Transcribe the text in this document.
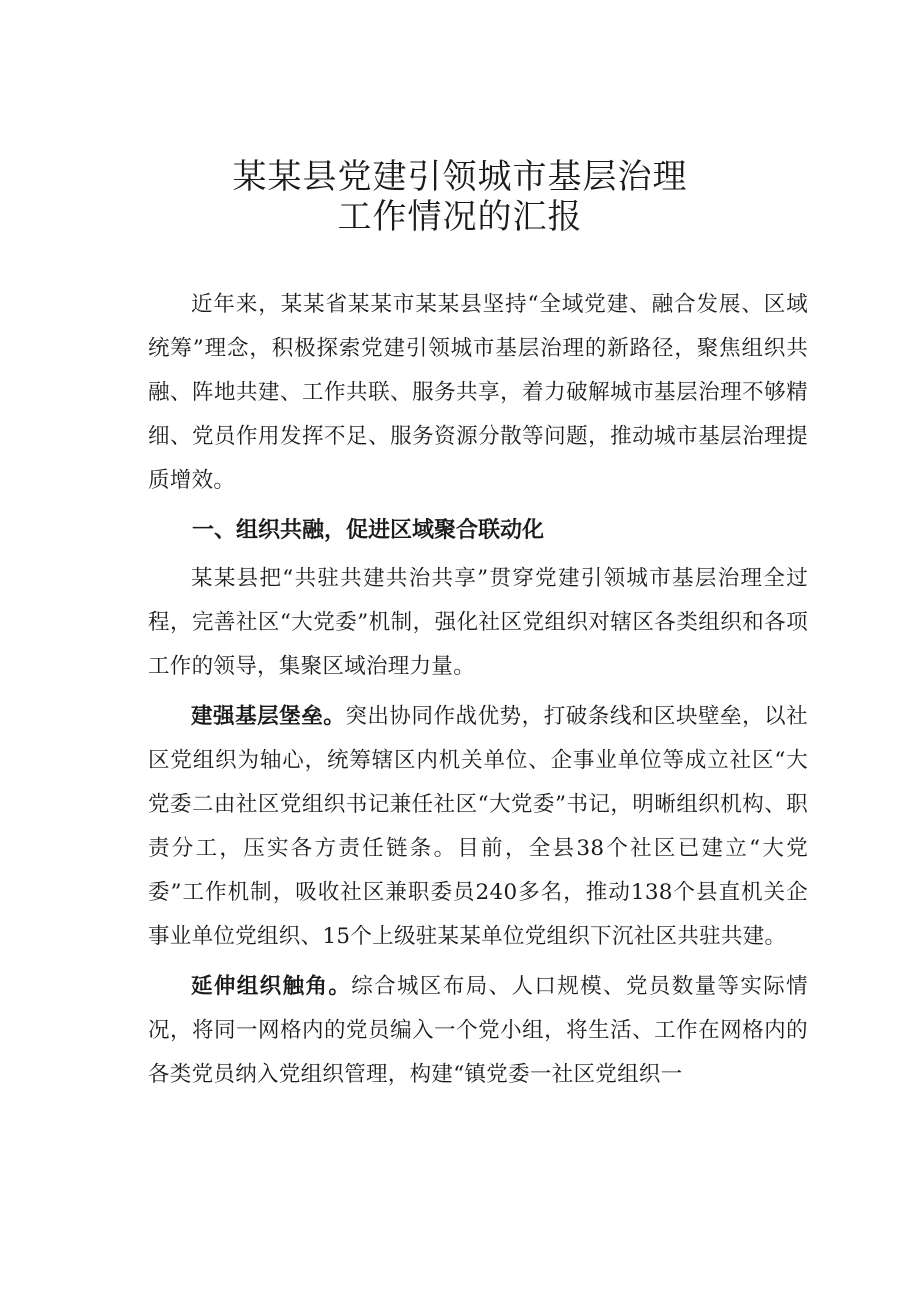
某某县党建引领城市基层治理
工作情况的汇报

近年来，某某省某某市某某县坚持“全域党建、融合发展、区域统筹”理念，积极探索党建引领城市基层治理的新路径，聚焦组织共融、阵地共建、工作共联、服务共享，着力破解城市基层治理不够精细、党员作用发挥不足、服务资源分散等问题，推动城市基层治理提质增效。

一、组织共融，促进区域聚合联动化

某某县把“共驻共建共治共享”贯穿党建引领城市基层治理全过程，完善社区“大党委”机制，强化社区党组织对辖区各类组织和各项工作的领导，集聚区域治理力量。

建强基层堡垒。突出协同作战优势，打破条线和区块壁垒，以社区党组织为轴心，统筹辖区内机关单位、企事业单位等成立社区“大党委二由社区党组织书记兼任社区“大党委”书记，明晰组织机构、职责分工，压实各方责任链条。目前，全县38个社区已建立“大党委”工作机制，吸收社区兼职委员240多名，推动138个县直机关企事业单位党组织、15个上级驻某某单位党组织下沉社区共驻共建。

延伸组织触角。综合城区布局、人口规模、党员数量等实际情况，将同一网格内的党员编入一个党小组，将生活、工作在网格内的各类党员纳入党组织管理，构建“镇党委一社区党组织一
